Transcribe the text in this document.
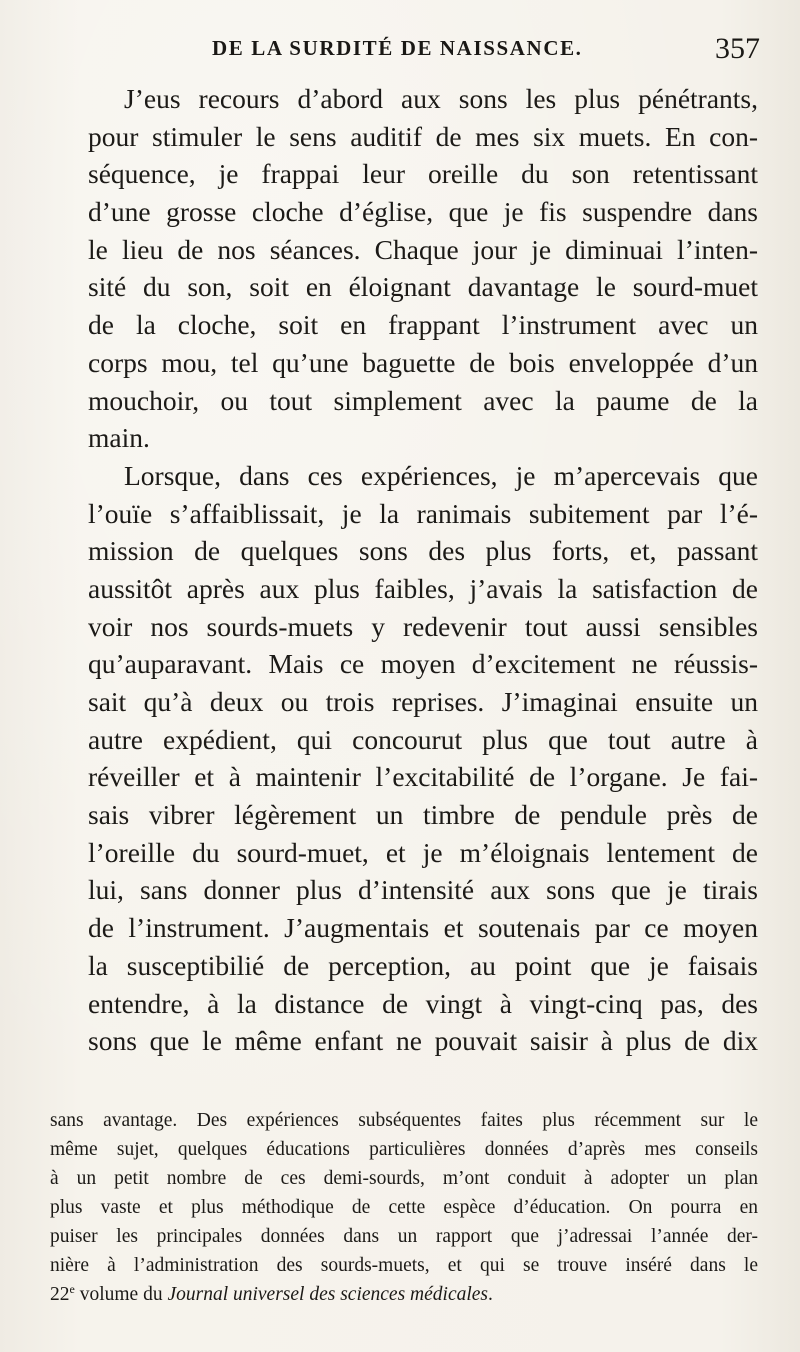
DE LA SURDITÉ DE NAISSANCE.	357
J’eus recours d’abord aux sons les plus pénétrants,
pour stimuler le sens auditif de mes six muets. En con-
séquence, je frappai leur oreille du son retentissant
d’une grosse cloche d’église, que je fis suspendre dans
le lieu de nos séances. Chaque jour je diminuai l’inten-
sité du son, soit en éloignant davantage le sourd-muet
de la cloche, soit en frappant l’instrument avec un
corps mou, tel qu’une baguette de bois enveloppée d’un
mouchoir, ou tout simplement avec la paume de la
main.
Lorsque, dans ces expériences, je m’apercevais que
l’ouïe s’affaiblissait, je la ranimais subitement par l’é-
mission de quelques sons des plus forts, et, passant
aussitôt après aux plus faibles, j’avais la satisfaction de
voir nos sourds-muets y redevenir tout aussi sensibles
qu’auparavant. Mais ce moyen d’excitement ne réussis-
sait qu’à deux ou trois reprises. J’imaginai ensuite un
autre expédient, qui concourut plus que tout autre à
réveiller et à maintenir l’excitabilité de l’organe. Je fai-
sais vibrer légèrement un timbre de pendule près de
l’oreille du sourd-muet, et je m’éloignais lentement de
lui, sans donner plus d’intensité aux sons que je tirais
de l’instrument. J’augmentais et soutenais par ce moyen
la susceptibilié de perception, au point que je faisais
entendre, à la distance de vingt à vingt-cinq pas, des
sons que le même enfant ne pouvait saisir à plus de dix
sans avantage. Des expériences subséquentes faites plus récemment sur le
même sujet, quelques éducations particulières données d’après mes conseils
à un petit nombre de ces demi-sourds, m’ont conduit à adopter un plan
plus vaste et plus méthodique de cette espèce d’éducation. On pourra en
puiser les principales données dans un rapport que j’adressai l’année der-
nière à l’administration des sourds-muets, et qui se trouve inséré dans le
22e volume du Journal universel des sciences médicales.
